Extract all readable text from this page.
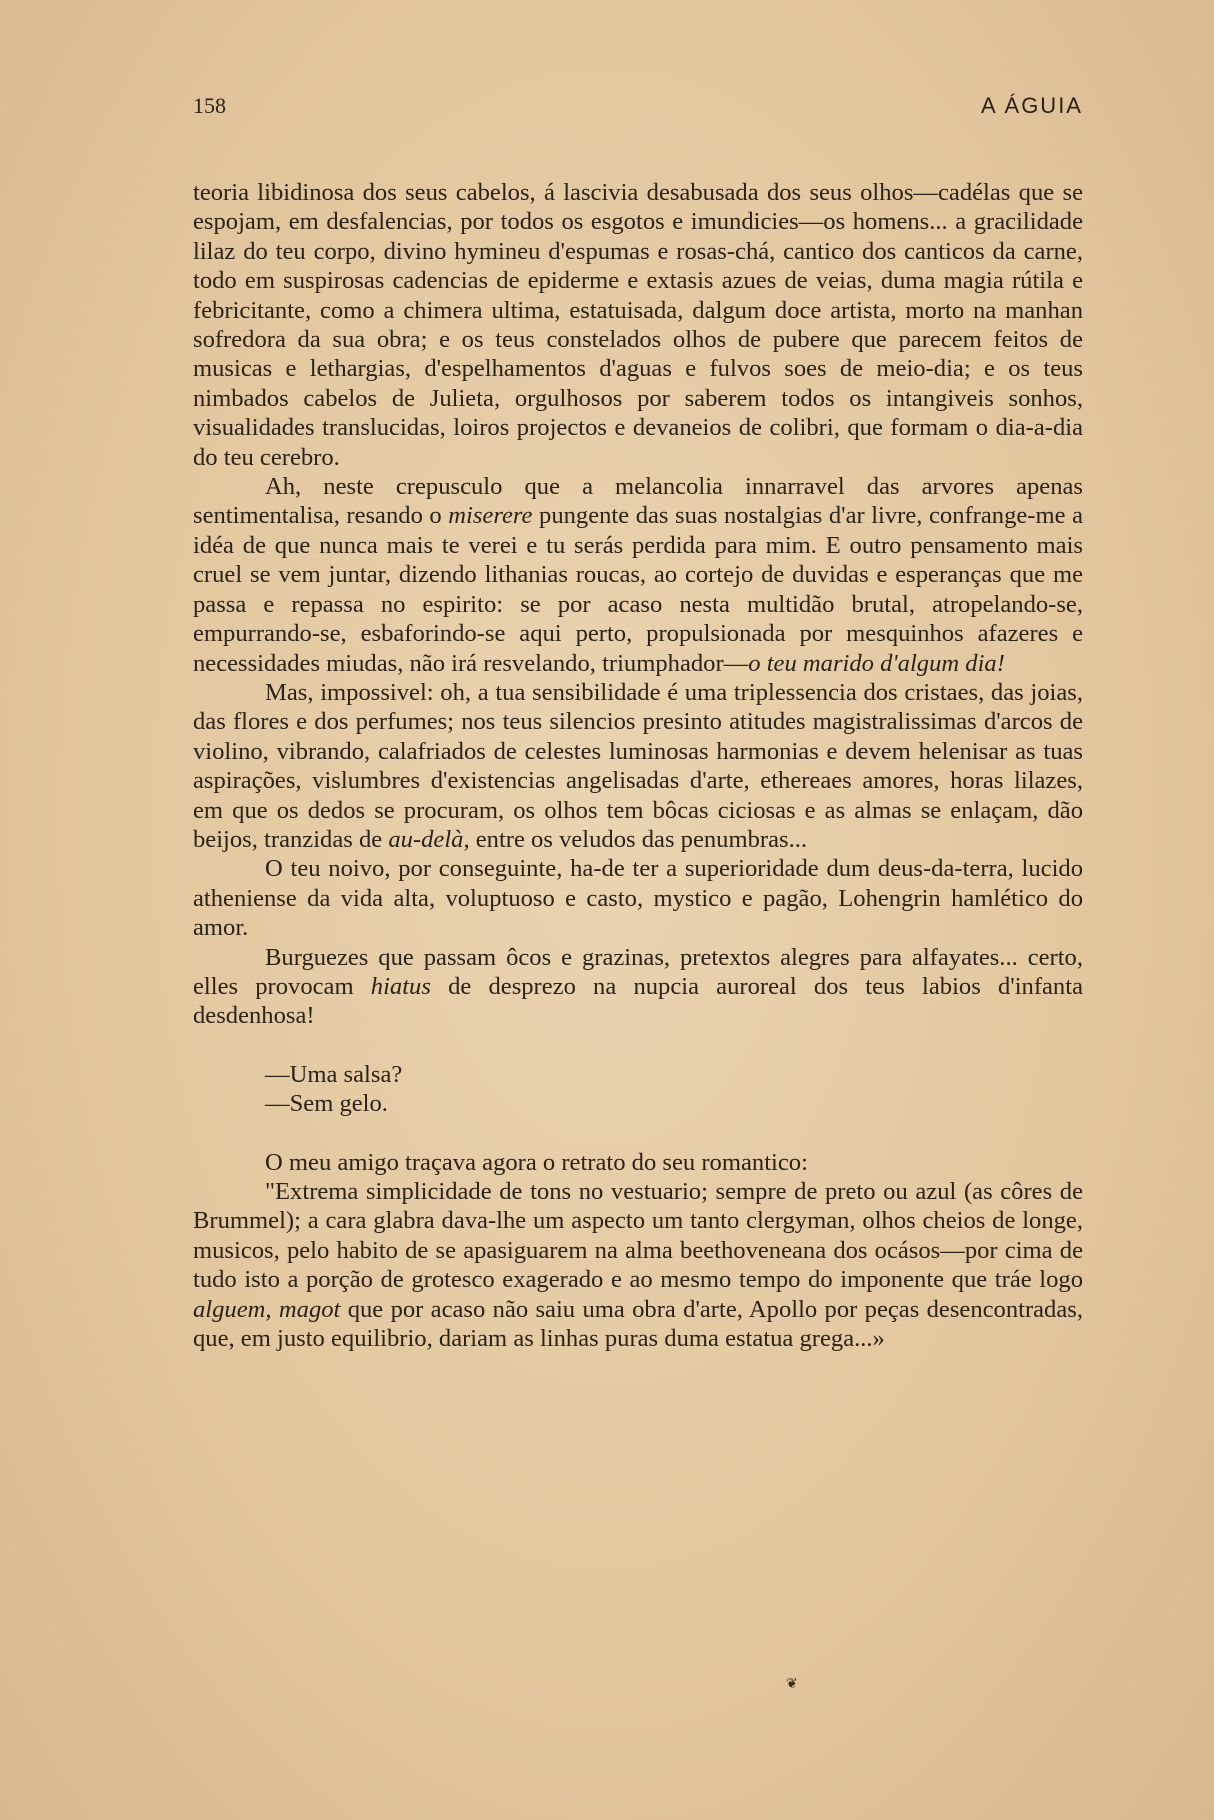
158	A ÁGUIA

teoria libidinosa dos seus cabelos, á lascivia desabusada dos seus olhos—cadélas que se espojam, em desfalencias, por todos os esgotos e imundicies—os homens... a gracilidade lilaz do teu corpo, divino hymineu d'espumas e rosas-chá, cantico dos canticos da carne, todo em suspirosas cadencias de epiderme e extasis azues de veias, duma magia rútila e febricitante, como a chimera ultima, estatuisada, dalgum doce artista, morto na manhan sofredora da sua obra; e os teus constelados olhos de pubere que parecem feitos de musicas e lethargias, d'espelhamentos d'aguas e fulvos soes de meio-dia; e os teus nimbados cabelos de Julieta, orgulhosos por saberem todos os intangiveis sonhos, visualidades translucidas, loiros projectos e devaneios de colibri, que formam o dia-a-dia do teu cerebro.

Ah, neste crepusculo que a melancolia innarravel das arvores apenas sentimentalisa, resando o miserere pungente das suas nostalgias d'ar livre, confrange-me a idéa de que nunca mais te verei e tu serás perdida para mim. E outro pensamento mais cruel se vem juntar, dizendo lithanias roucas, ao cortejo de duvidas e esperanças que me passa e repassa no espirito: se por acaso nesta multidão brutal, atropelando-se, empurrando-se, esbaforindo-se aqui perto, propulsionada por mesquinhos afazeres e necessidades miudas, não irá resvelando, triumphador—o teu marido d'algum dia!

Mas, impossivel: oh, a tua sensibilidade é uma triplessencia dos cristaes, das joias, das flores e dos perfumes; nos teus silencios presinto atitudes magistralissimas d'arcos de violino, vibrando, calafriados de celestes luminosas harmonias e devem helenisar as tuas aspirações, vislumbres d'existencias angelisadas d'arte, ethereaes amores, horas lilazes, em que os dedos se procuram, os olhos tem bôcas ciciosas e as almas se enlaçam, dão beijos, tranzidas de au-delà, entre os veludos das penumbras...

O teu noivo, por conseguinte, ha-de ter a superioridade dum deus-da-terra, lucido atheniense da vida alta, voluptuoso e casto, mystico e pagão, Lohengrin hamlético do amor.

Burguezes que passam ôcos e grazinas, pretextos alegres para alfayates... certo, elles provocam hiatus de desprezo na nupcia auroreal dos teus labios d'infanta desdenhosa!

—Uma salsa?

—Sem gelo.

O meu amigo traçava agora o retrato do seu romantico:

"Extrema simplicidade de tons no vestuario; sempre de preto ou azul (as côres de Brummel); a cara glabra dava-lhe um aspecto um tanto clergyman, olhos cheios de longe, musicos, pelo habito de se apasiguarem na alma beethoveneana dos ocásos—por cima de tudo isto a porção de grotesco exagerado e ao mesmo tempo do imponente que tráe logo alguem, magot que por acaso não saiu uma obra d'arte, Apollo por peças desencontradas, que, em justo equilibrio, dariam as linhas puras duma estatua grega...»

❦
